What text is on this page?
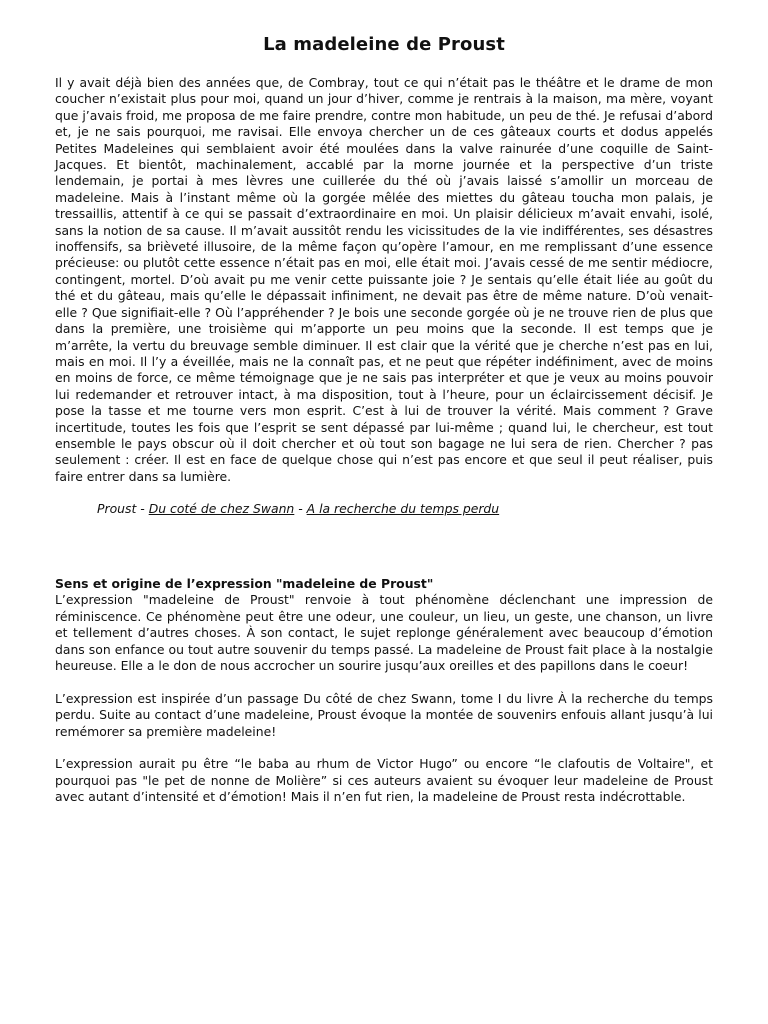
La madeleine de Proust

Il y avait déjà bien des années que, de Combray, tout ce qui n’était pas le théâtre et le drame de mon coucher n’existait plus pour moi, quand un jour d’hiver, comme je rentrais à la maison, ma mère, voyant que j’avais froid, me proposa de me faire prendre, contre mon habitude, un peu de thé. Je refusai d’abord et, je ne sais pourquoi, me ravisai. Elle envoya chercher un de ces gâteaux courts et dodus appelés Petites Madeleines qui semblaient avoir été moulées dans la valve rainurée d’une coquille de Saint-Jacques. Et bientôt, machinalement, accablé par la morne journée et la perspective d’un triste lendemain, je portai à mes lèvres une cuillerée du thé où j’avais laissé s’amollir un morceau de madeleine. Mais à l’instant même où la gorgée mêlée des miettes du gâteau toucha mon palais, je tressaillis, attentif à ce qui se passait d’extraordinaire en moi. Un plaisir délicieux m’avait envahi, isolé, sans la notion de sa cause. Il m’avait aussitôt rendu les vicissitudes de la vie indifférentes, ses désastres inoffensifs, sa brièveté illusoire, de la même façon qu’opère l’amour, en me remplissant d’une essence précieuse: ou plutôt cette essence n’était pas en moi, elle était moi. J’avais cessé de me sentir médiocre, contingent, mortel. D’où avait pu me venir cette puissante joie ? Je sentais qu’elle était liée au goût du thé et du gâteau, mais qu’elle le dépassait infiniment, ne devait pas être de même nature. D’où venait-elle ? Que signifiait-elle ? Où l’appréhender ? Je bois une seconde gorgée où je ne trouve rien de plus que dans la première, une troisième qui m’apporte un peu moins que la seconde. Il est temps que je m’arrête, la vertu du breuvage semble diminuer. Il est clair que la vérité que je cherche n’est pas en lui, mais en moi. Il l’y a éveillée, mais ne la connaît pas, et ne peut que répéter indéfiniment, avec de moins en moins de force, ce même témoignage que je ne sais pas interpréter et que je veux au moins pouvoir lui redemander et retrouver intact, à ma disposition, tout à l’heure, pour un éclaircissement décisif. Je pose la tasse et me tourne vers mon esprit. C’est à lui de trouver la vérité. Mais comment ? Grave incertitude, toutes les fois que l’esprit se sent dépassé par lui-même ; quand lui, le chercheur, est tout ensemble le pays obscur où il doit chercher et où tout son bagage ne lui sera de rien. Chercher ? pas seulement : créer. Il est en face de quelque chose qui n’est pas encore et que seul il peut réaliser, puis faire entrer dans sa lumière.

Proust - Du coté de chez Swann - A la recherche du temps perdu
Sens et origine de l’expression "madeleine de Proust"

L’expression "madeleine de Proust" renvoie à tout phénomène déclenchant une impression de réminiscence. Ce phénomène peut être une odeur, une couleur, un lieu, un geste, une chanson, un livre et tellement d’autres choses. À son contact, le sujet replonge généralement avec beaucoup d’émotion dans son enfance ou tout autre souvenir du temps passé. La madeleine de Proust fait place à la nostalgie heureuse. Elle a le don de nous accrocher un sourire jusqu’aux oreilles et des papillons dans le coeur!

L’expression est inspirée d’un passage Du côté de chez Swann, tome I du livre À la recherche du temps perdu. Suite au contact d’une madeleine, Proust évoque la montée de souvenirs enfouis allant jusqu’à lui remémorer sa première madeleine!

L’expression aurait pu être “le baba au rhum de Victor Hugo” ou encore “le clafoutis de Voltaire", et pourquoi pas "le pet de nonne de Molière” si ces auteurs avaient su évoquer leur madeleine de Proust avec autant d’intensité et d’émotion! Mais il n’en fut rien, la madeleine de Proust resta indécrottable.
